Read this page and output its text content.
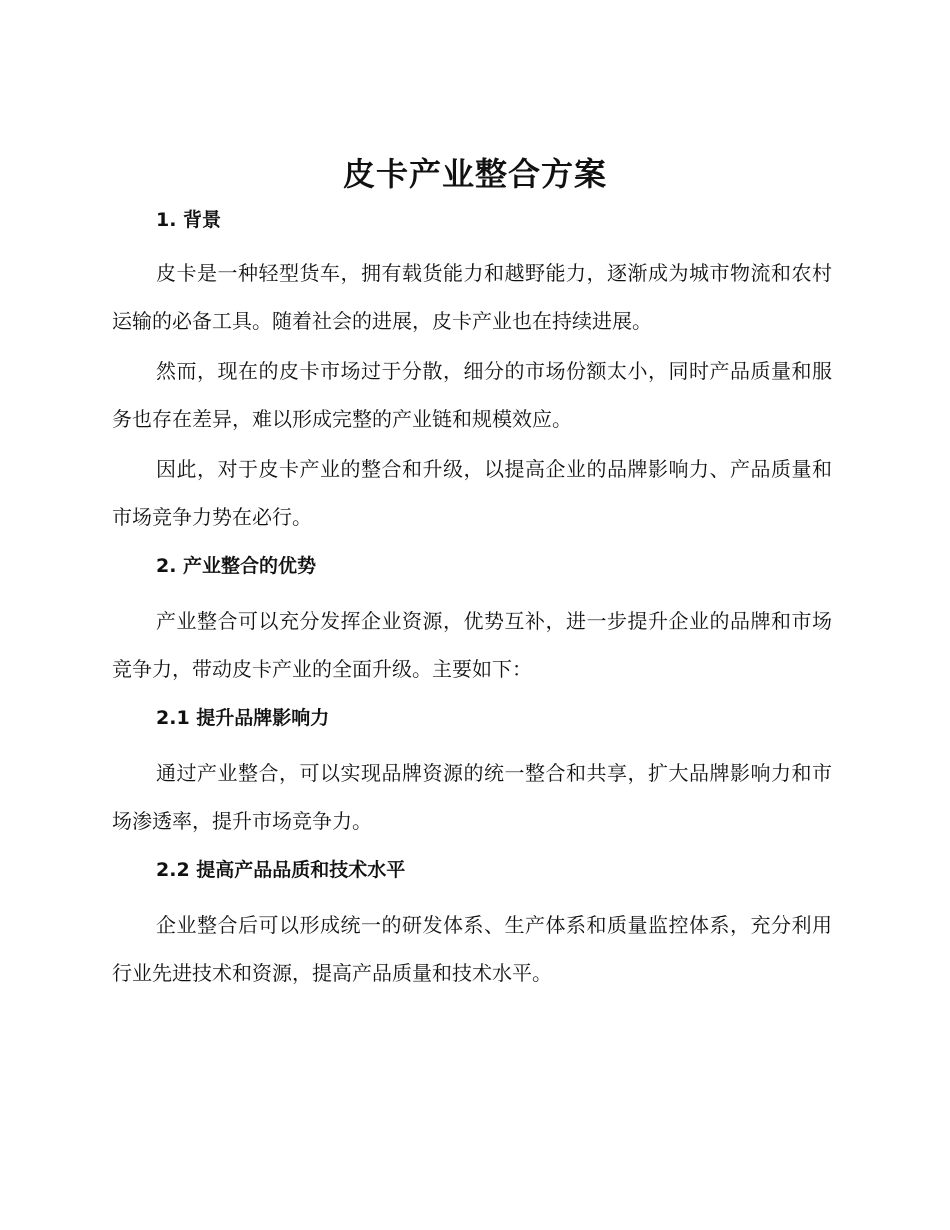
皮卡产业整合方案
1. 背景

皮卡是一种轻型货车，拥有载货能力和越野能力，逐渐成为城市物流和农村运输的必备工具。随着社会的进展，皮卡产业也在持续进展。

然而，现在的皮卡市场过于分散，细分的市场份额太小，同时产品质量和服务也存在差异，难以形成完整的产业链和规模效应。

因此，对于皮卡产业的整合和升级，以提高企业的品牌影响力、产品质量和市场竞争力势在必行。

2. 产业整合的优势

产业整合可以充分发挥企业资源，优势互补，进一步提升企业的品牌和市场竞争力，带动皮卡产业的全面升级。主要如下：

2.1 提升品牌影响力

通过产业整合，可以实现品牌资源的统一整合和共享，扩大品牌影响力和市场渗透率，提升市场竞争力。

2.2 提高产品品质和技术水平

企业整合后可以形成统一的研发体系、生产体系和质量监控体系，充分利用行业先进技术和资源，提高产品质量和技术水平。
